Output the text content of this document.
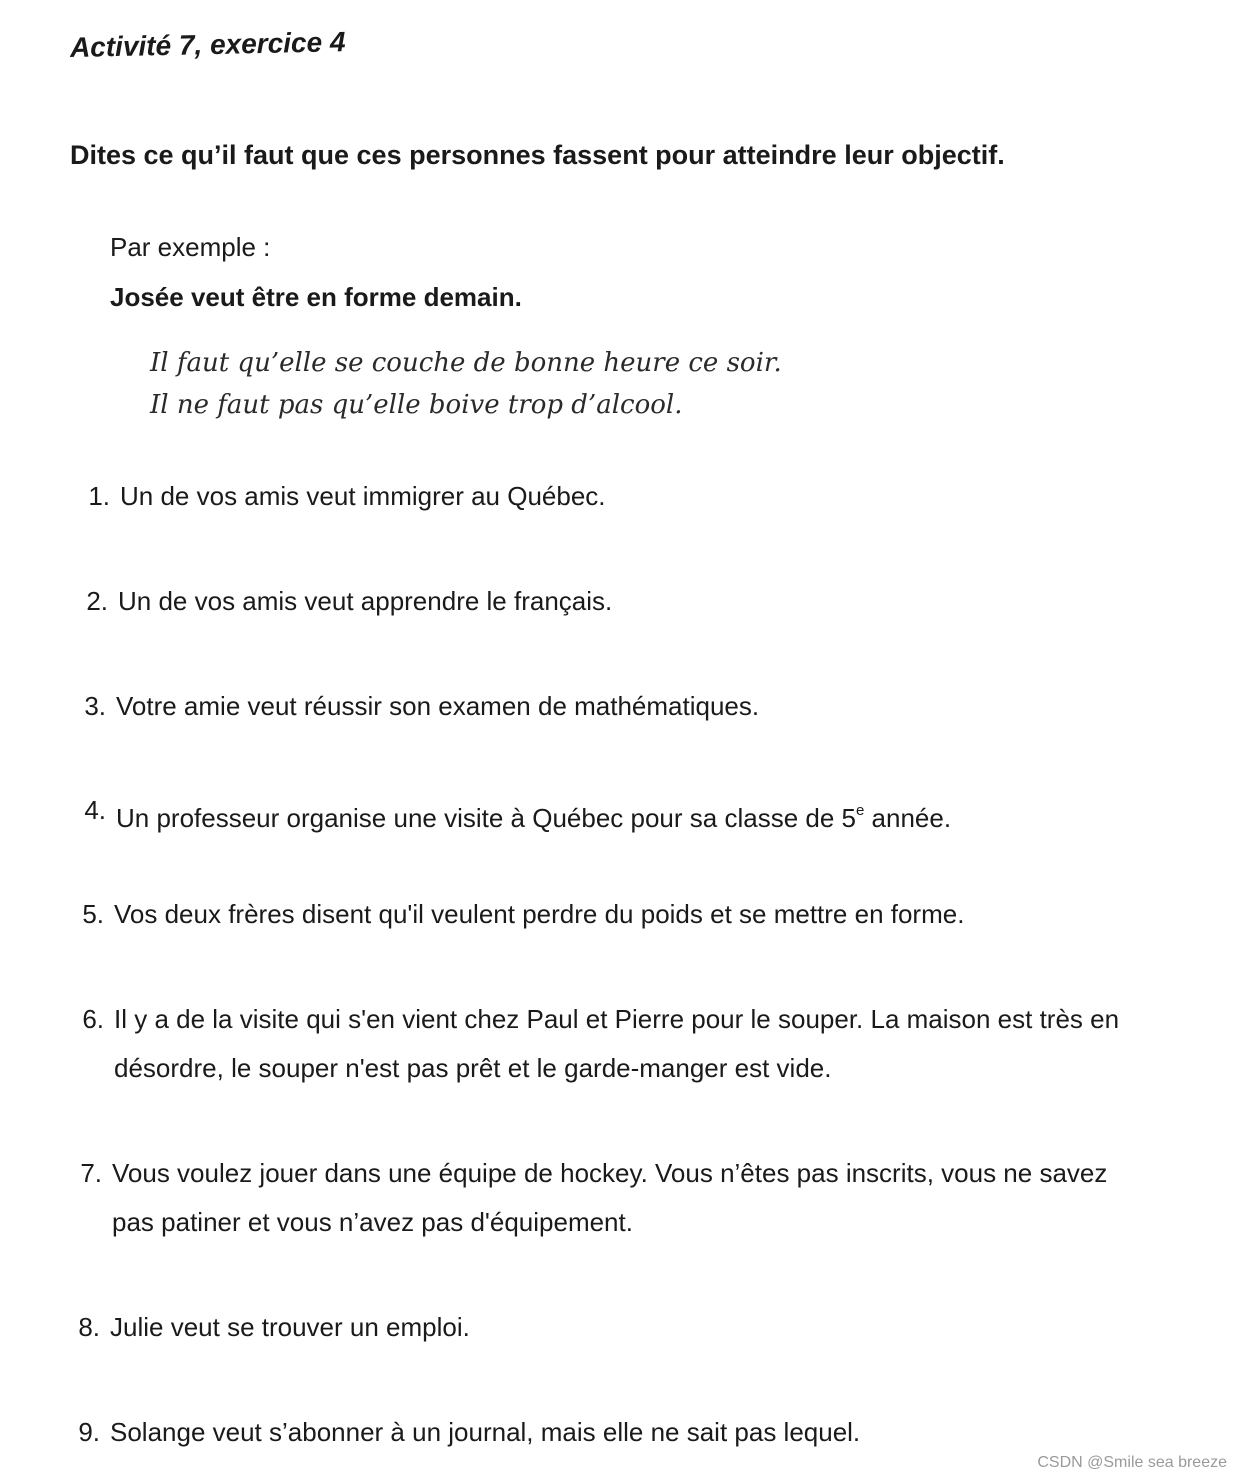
Activité 7, exercice 4

Dites ce qu’il faut que ces personnes fassent pour atteindre leur objectif.

Par exemple :

Josée veut être en forme demain.

Il faut qu’elle se couche de bonne heure ce soir.

Il ne faut pas qu’elle boive trop d’alcool.

1. Un de vos amis veut immigrer au Québec.
2. Un de vos amis veut apprendre le français.
3. Votre amie veut réussir son examen de mathématiques.
4. Un professeur organise une visite à Québec pour sa classe de 5e année.
5. Vos deux frères disent qu'il veulent perdre du poids et se mettre en forme.
6. Il y a de la visite qui s'en vient chez Paul et Pierre pour le souper. La maison est très en désordre, le souper n'est pas prêt et le garde-manger est vide.
7. Vous voulez jouer dans une équipe de hockey. Vous n’êtes pas inscrits, vous ne savez pas patiner et vous n’avez pas d'équipement.
8. Julie veut se trouver un emploi.
9. Solange veut s’abonner à un journal, mais elle ne sait pas lequel.

CSDN @Smile sea breeze
